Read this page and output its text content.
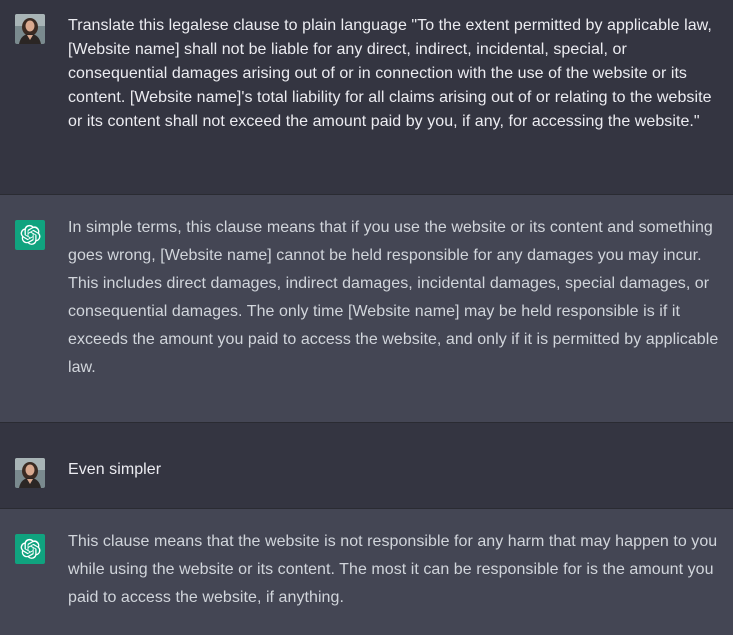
Translate this legalese clause to plain language "To the extent permitted by applicable law, [Website name] shall not be liable for any direct, indirect, incidental, special, or consequential damages arising out of or in connection with the use of the website or its content. [Website name]'s total liability for all claims arising out of or relating to the website or its content shall not exceed the amount paid by you, if any, for accessing the website."
In simple terms, this clause means that if you use the website or its content and something goes wrong, [Website name] cannot be held responsible for any damages you may incur. This includes direct damages, indirect damages, incidental damages, special damages, or consequential damages. The only time [Website name] may be held responsible is if it exceeds the amount you paid to access the website, and only if it is permitted by applicable law.
Even simpler
This clause means that the website is not responsible for any harm that may happen to you while using the website or its content. The most it can be responsible for is the amount you paid to access the website, if anything.
